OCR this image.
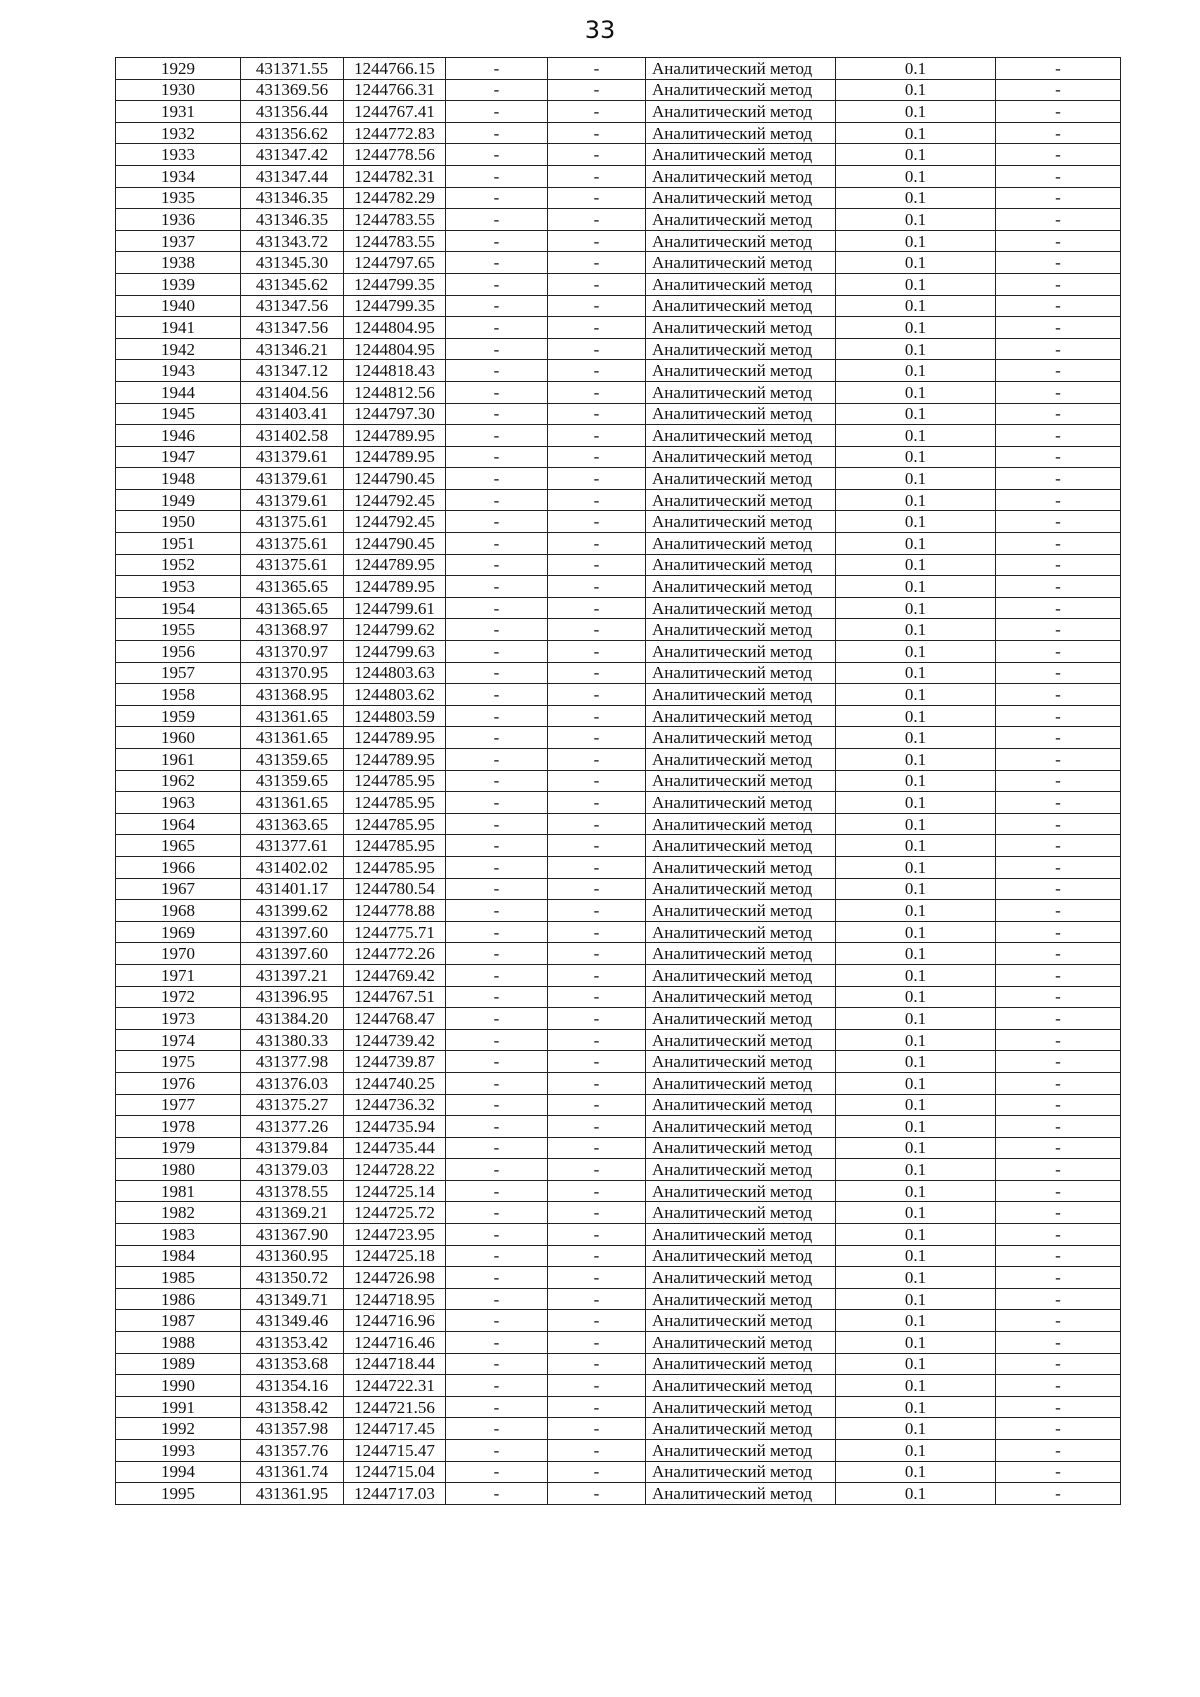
33
1929	431371.55	1244766.15	-	-	Аналитический метод	0.1	-
1930	431369.56	1244766.31	-	-	Аналитический метод	0.1	-
1931	431356.44	1244767.41	-	-	Аналитический метод	0.1	-
1932	431356.62	1244772.83	-	-	Аналитический метод	0.1	-
1933	431347.42	1244778.56	-	-	Аналитический метод	0.1	-
1934	431347.44	1244782.31	-	-	Аналитический метод	0.1	-
1935	431346.35	1244782.29	-	-	Аналитический метод	0.1	-
1936	431346.35	1244783.55	-	-	Аналитический метод	0.1	-
1937	431343.72	1244783.55	-	-	Аналитический метод	0.1	-
1938	431345.30	1244797.65	-	-	Аналитический метод	0.1	-
1939	431345.62	1244799.35	-	-	Аналитический метод	0.1	-
1940	431347.56	1244799.35	-	-	Аналитический метод	0.1	-
1941	431347.56	1244804.95	-	-	Аналитический метод	0.1	-
1942	431346.21	1244804.95	-	-	Аналитический метод	0.1	-
1943	431347.12	1244818.43	-	-	Аналитический метод	0.1	-
1944	431404.56	1244812.56	-	-	Аналитический метод	0.1	-
1945	431403.41	1244797.30	-	-	Аналитический метод	0.1	-
1946	431402.58	1244789.95	-	-	Аналитический метод	0.1	-
1947	431379.61	1244789.95	-	-	Аналитический метод	0.1	-
1948	431379.61	1244790.45	-	-	Аналитический метод	0.1	-
1949	431379.61	1244792.45	-	-	Аналитический метод	0.1	-
1950	431375.61	1244792.45	-	-	Аналитический метод	0.1	-
1951	431375.61	1244790.45	-	-	Аналитический метод	0.1	-
1952	431375.61	1244789.95	-	-	Аналитический метод	0.1	-
1953	431365.65	1244789.95	-	-	Аналитический метод	0.1	-
1954	431365.65	1244799.61	-	-	Аналитический метод	0.1	-
1955	431368.97	1244799.62	-	-	Аналитический метод	0.1	-
1956	431370.97	1244799.63	-	-	Аналитический метод	0.1	-
1957	431370.95	1244803.63	-	-	Аналитический метод	0.1	-
1958	431368.95	1244803.62	-	-	Аналитический метод	0.1	-
1959	431361.65	1244803.59	-	-	Аналитический метод	0.1	-
1960	431361.65	1244789.95	-	-	Аналитический метод	0.1	-
1961	431359.65	1244789.95	-	-	Аналитический метод	0.1	-
1962	431359.65	1244785.95	-	-	Аналитический метод	0.1	-
1963	431361.65	1244785.95	-	-	Аналитический метод	0.1	-
1964	431363.65	1244785.95	-	-	Аналитический метод	0.1	-
1965	431377.61	1244785.95	-	-	Аналитический метод	0.1	-
1966	431402.02	1244785.95	-	-	Аналитический метод	0.1	-
1967	431401.17	1244780.54	-	-	Аналитический метод	0.1	-
1968	431399.62	1244778.88	-	-	Аналитический метод	0.1	-
1969	431397.60	1244775.71	-	-	Аналитический метод	0.1	-
1970	431397.60	1244772.26	-	-	Аналитический метод	0.1	-
1971	431397.21	1244769.42	-	-	Аналитический метод	0.1	-
1972	431396.95	1244767.51	-	-	Аналитический метод	0.1	-
1973	431384.20	1244768.47	-	-	Аналитический метод	0.1	-
1974	431380.33	1244739.42	-	-	Аналитический метод	0.1	-
1975	431377.98	1244739.87	-	-	Аналитический метод	0.1	-
1976	431376.03	1244740.25	-	-	Аналитический метод	0.1	-
1977	431375.27	1244736.32	-	-	Аналитический метод	0.1	-
1978	431377.26	1244735.94	-	-	Аналитический метод	0.1	-
1979	431379.84	1244735.44	-	-	Аналитический метод	0.1	-
1980	431379.03	1244728.22	-	-	Аналитический метод	0.1	-
1981	431378.55	1244725.14	-	-	Аналитический метод	0.1	-
1982	431369.21	1244725.72	-	-	Аналитический метод	0.1	-
1983	431367.90	1244723.95	-	-	Аналитический метод	0.1	-
1984	431360.95	1244725.18	-	-	Аналитический метод	0.1	-
1985	431350.72	1244726.98	-	-	Аналитический метод	0.1	-
1986	431349.71	1244718.95	-	-	Аналитический метод	0.1	-
1987	431349.46	1244716.96	-	-	Аналитический метод	0.1	-
1988	431353.42	1244716.46	-	-	Аналитический метод	0.1	-
1989	431353.68	1244718.44	-	-	Аналитический метод	0.1	-
1990	431354.16	1244722.31	-	-	Аналитический метод	0.1	-
1991	431358.42	1244721.56	-	-	Аналитический метод	0.1	-
1992	431357.98	1244717.45	-	-	Аналитический метод	0.1	-
1993	431357.76	1244715.47	-	-	Аналитический метод	0.1	-
1994	431361.74	1244715.04	-	-	Аналитический метод	0.1	-
1995	431361.95	1244717.03	-	-	Аналитический метод	0.1	-
